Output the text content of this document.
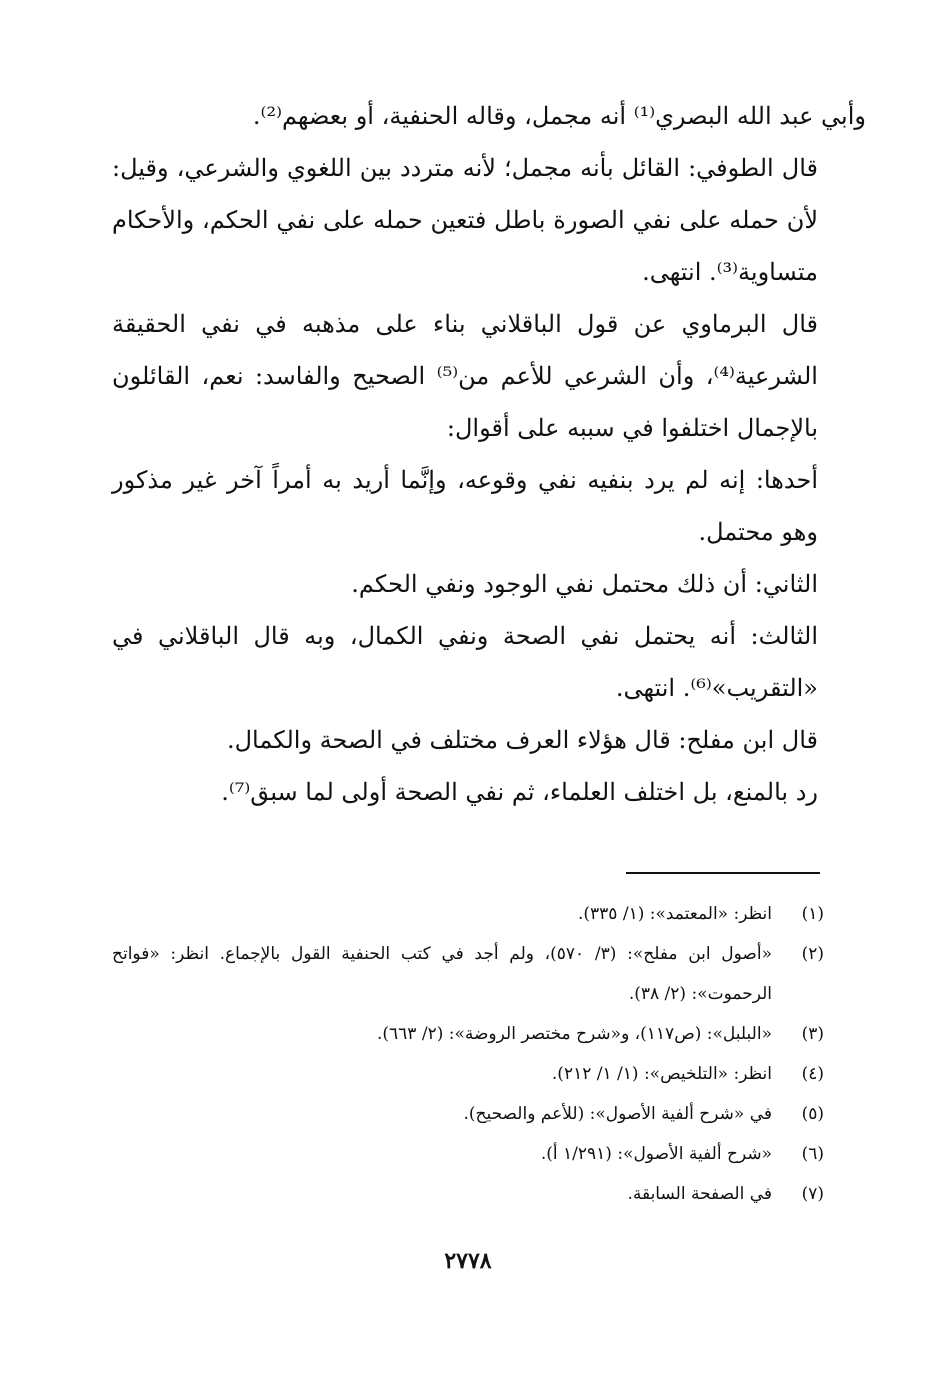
وأبي عبد الله البصري⁽¹⁾ أنه مجمل، وقاله الحنفية، أو بعضهم⁽²⁾.

قال الطوفي: القائل بأنه مجمل؛ لأنه متردد بين اللغوي والشرعي، وقيل: لأن حمله على نفي الصورة باطل فتعين حمله على نفي الحكم، والأحكام متساوية⁽³⁾. انتهى.

قال البرماوي عن قول الباقلاني بناء على مذهبه في نفي الحقيقة الشرعية⁽⁴⁾، وأن الشرعي للأعم من⁽⁵⁾ الصحيح والفاسد: نعم، القائلون بالإجمال اختلفوا في سببه على أقوال:

أحدها: إنه لم يرد بنفيه نفي وقوعه، وإنَّما أريد به أمراً آخر غير مذكور وهو محتمل.

الثاني: أن ذلك محتمل نفي الوجود ونفي الحكم.

الثالث: أنه يحتمل نفي الصحة ونفي الكمال، وبه قال الباقلاني في «التقريب»⁽⁶⁾. انتهى.

قال ابن مفلح: قال هؤلاء العرف مختلف في الصحة والكمال.

رد بالمنع، بل اختلف العلماء، ثم نفي الصحة أولى لما سبق⁽⁷⁾.

(١)
انظر: «المعتمد»: (١/ ٣٣٥).
(٢)
«أصول ابن مفلح»: (٣/ ٥٧٠)، ولم أجد في كتب الحنفية القول بالإجماع. انظر: «فواتح الرحموت»: (٢/ ٣٨).
(٣)
«البلبل»: (ص١١٧)، و«شرح مختصر الروضة»: (٢/ ٦٦٣).
(٤)
انظر: «التلخيص»: (١/ ١/ ٢١٢).
(٥)
في «شرح ألفية الأصول»: (للأعم والصحيح).
(٦)
«شرح ألفية الأصول»: (١/٢٩١ أ).
(٧)
في الصفحة السابقة.
٢٧٧٨
